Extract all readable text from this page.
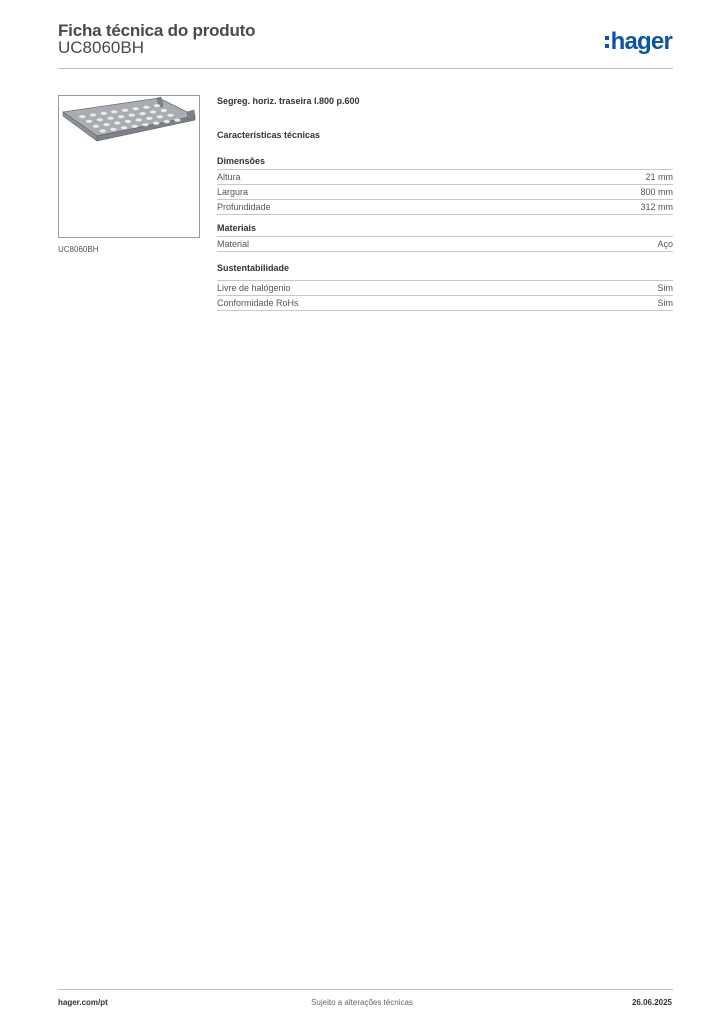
Ficha técnica do produto
UC8060BH	hager
UC8060BH
Segreg. horiz. traseira l.800 p.600
Características técnicas
Dimensões
Altura	21 mm
Largura	800 mm
Profundidade	312 mm
Materiais
Material	Aço
Sustentabilidade
Livre de halógenio	Sim
Conformidade RoHs	Sim
hager.com/pt	Sujeito a alterações técnicas	26.06.2025
